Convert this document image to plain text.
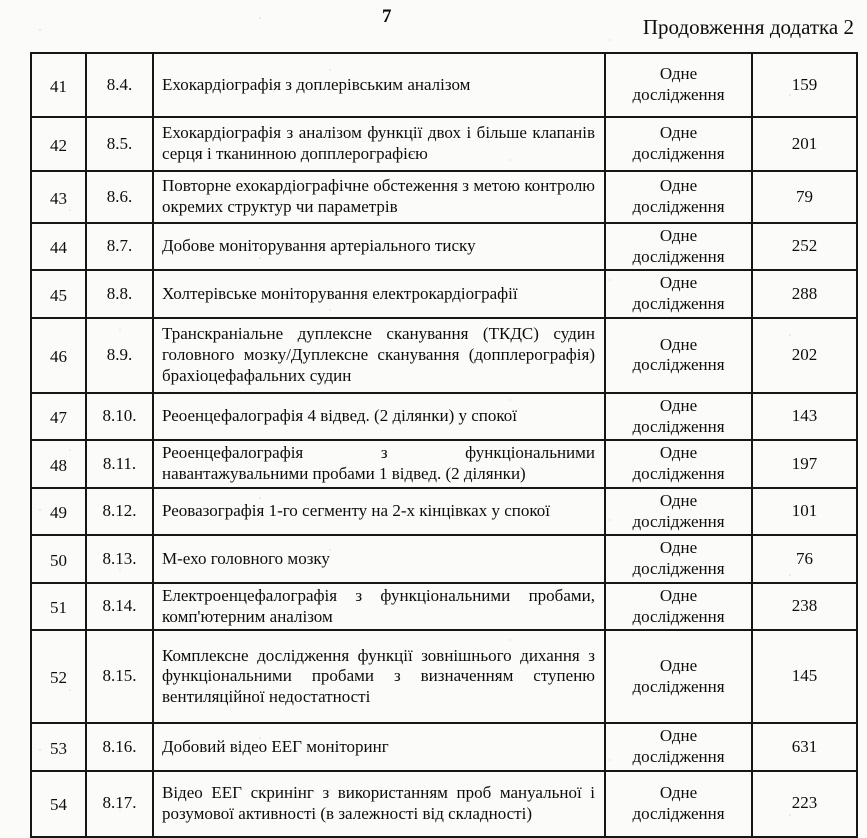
7	Продовження додатка 2
41	8.4.	Ехокардіографія з доплерівським аналізом	Одне дослідження	159
42	8.5.	Ехокардіографія з аналізом функції двох і більше клапанів серця і тканинною допплерографією	Одне дослідження	201
43	8.6.	Повторне ехокардіографічне обстеження з метою контролю окремих структур чи параметрів	Одне дослідження	79
44	8.7.	Добове моніторування артеріального тиску	Одне дослідження	252
45	8.8.	Холтерівське моніторування електрокардіографії	Одне дослідження	288
46	8.9.	Транскраніальне дуплексне сканування (ТКДС) судин головного мозку/Дуплексне сканування (допплерографія) брахіоцефафальних судин	Одне дослідження	202
47	8.10.	Реоенцефалографія 4 відвед. (2 ділянки) у спокої	Одне дослідження	143
48	8.11.	Реоенцефалографія з функціональними навантажувальними пробами 1 відвед. (2 ділянки)	Одне дослідження	197
49	8.12.	Реовазографія 1-го сегменту на 2-х кінцівках у спокої	Одне дослідження	101
50	8.13.	М-ехо головного мозку	Одне дослідження	76
51	8.14.	Електроенцефалографія з функціональними пробами, комп'ютерним аналізом	Одне дослідження	238
52	8.15.	Комплексне дослідження функції зовнішнього дихання з функціональними пробами з визначенням ступеню вентиляційної недостатності	Одне дослідження	145
53	8.16.	Добовий відео ЕЕГ моніторинг	Одне дослідження	631
54	8.17.	Відео ЕЕГ скринінг з використанням проб мануальної і розумової активності (в залежності від складності)	Одне дослідження	223
